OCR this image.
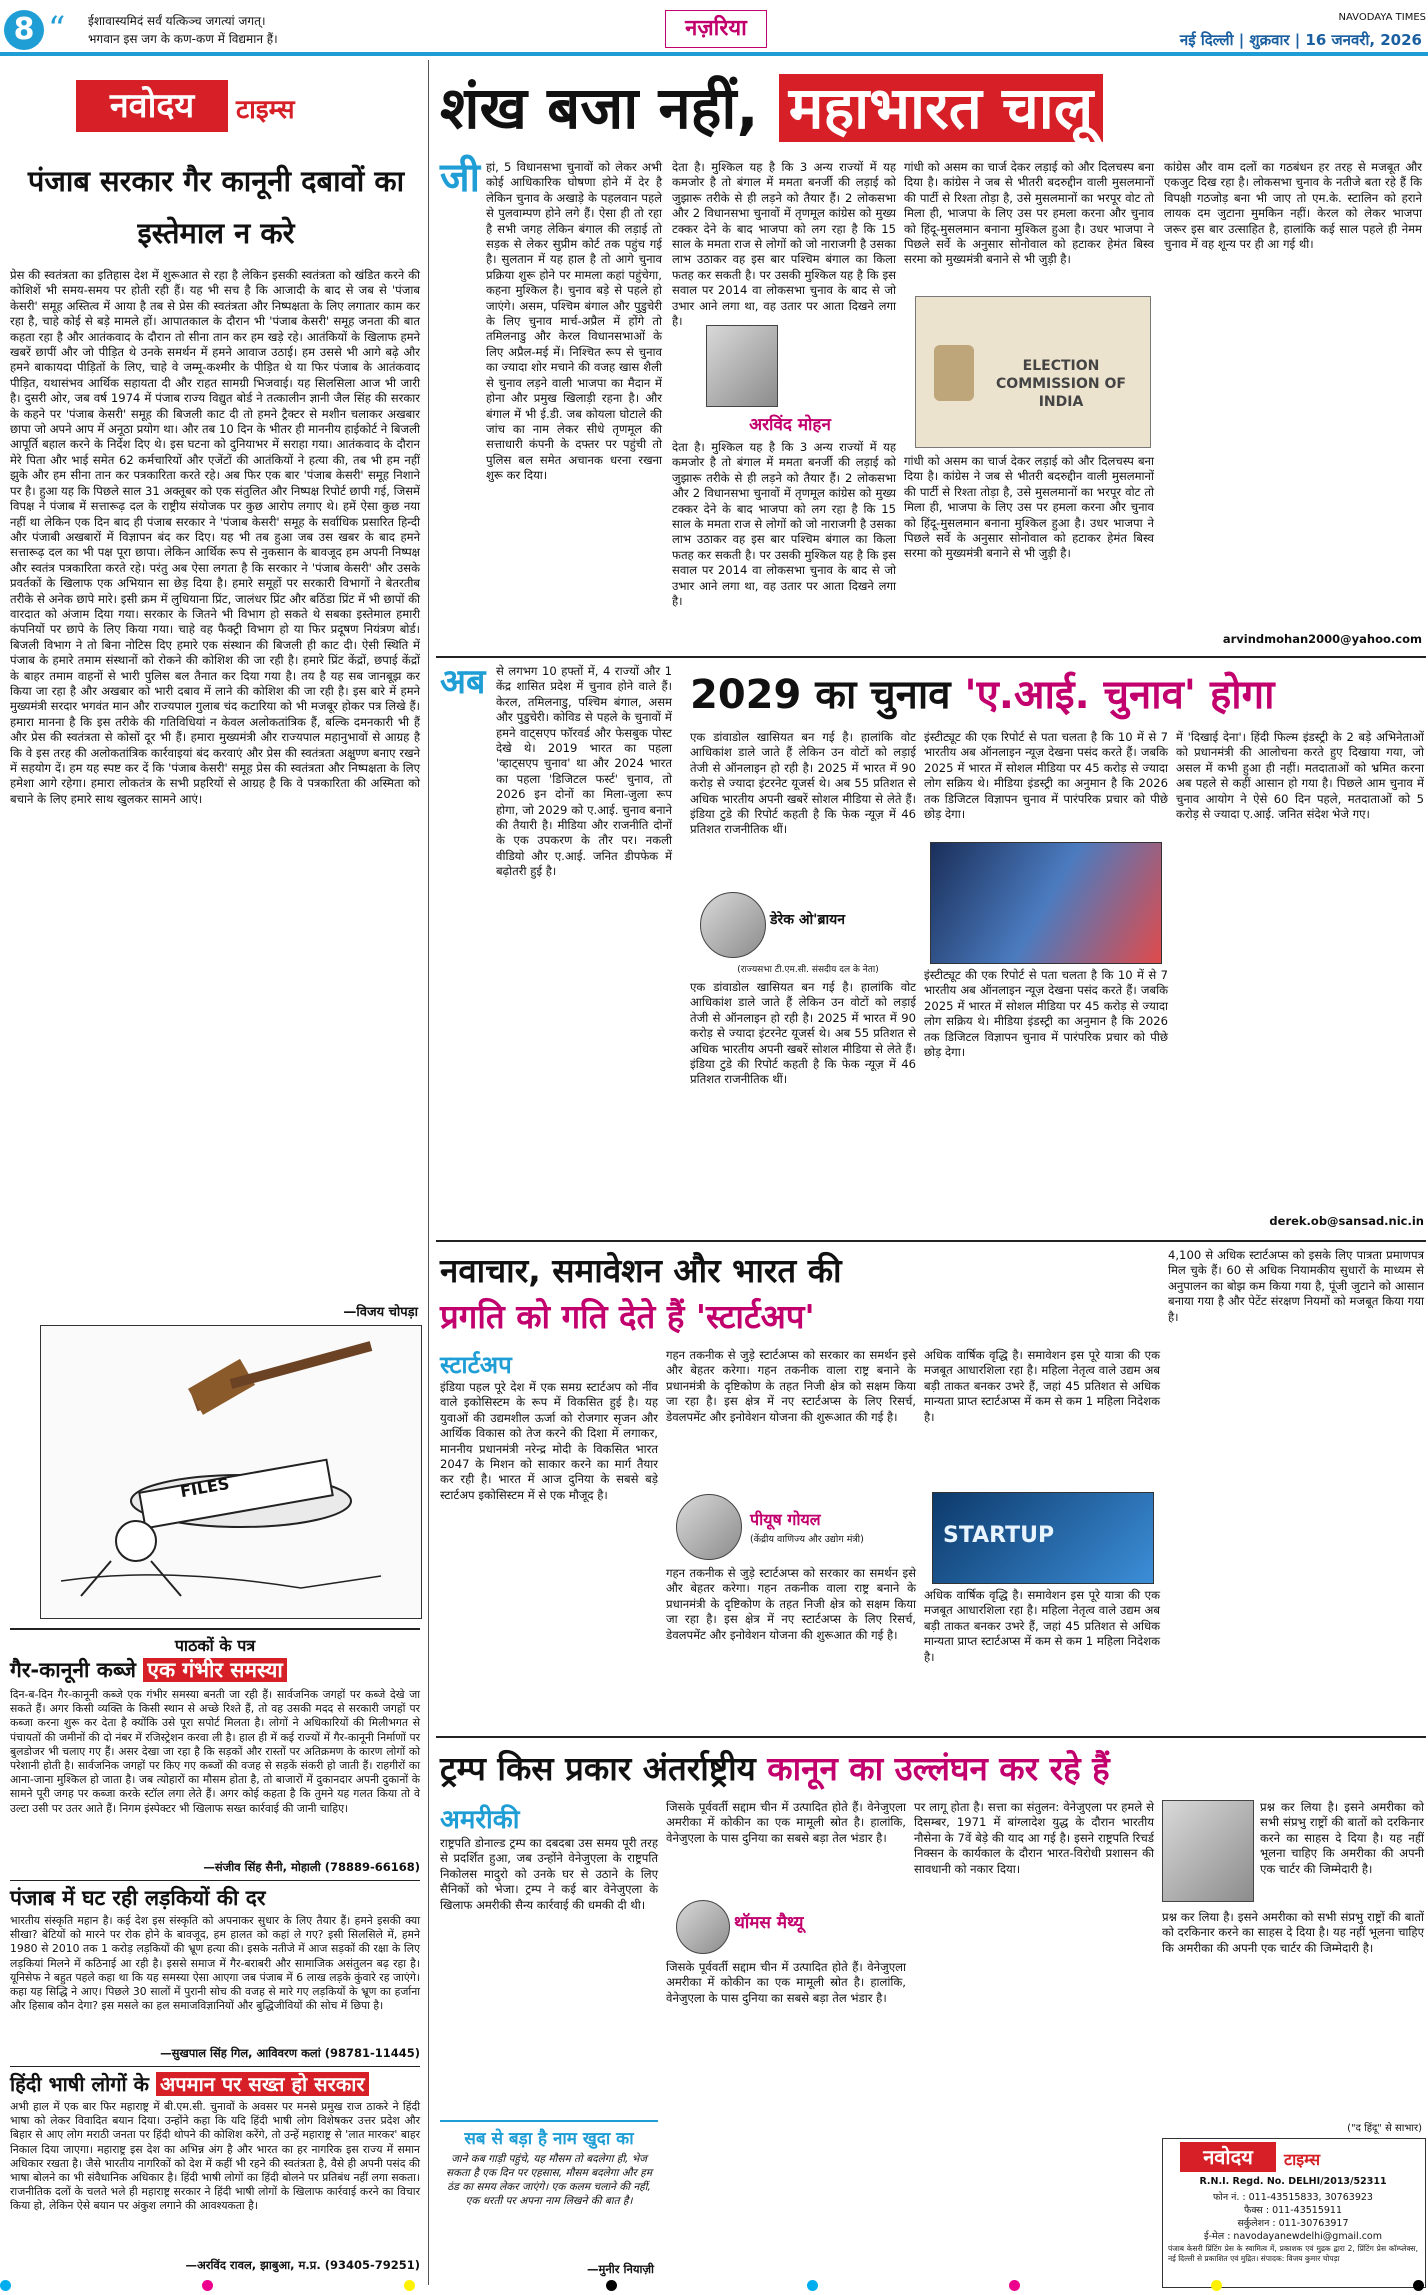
8 “ ईशावास्यमिदं सर्वं यत्किञ्च जगत्यां जगत्।
भगवान इस जग के कण-कण में विद्यमान हैं।	नज़रिया	NAVODAYA TIMES
नई दिल्ली | शुक्रवार | 16 जनवरी, 2026
नवोदय	टाइम्स
पंजाब सरकार गैर कानूनी दबावों का इस्तेमाल न करे
प्रेस की स्वतंत्रता का इतिहास देश में शुरूआत से रहा है लेकिन इसकी स्वतंत्रता को खंडित करने की कोशिशें भी समय-समय पर होती रही हैं। यह भी सच है कि आजादी के बाद से जब से 'पंजाब केसरी' समूह अस्तित्व में आया है तब से प्रेस की स्वतंत्रता और निष्पक्षता के लिए लगातार काम कर रहा है, चाहे कोई से बड़े मामले हों। आपातकाल के दौरान भी 'पंजाब केसरी' समूह जनता की बात कहता रहा है और आतंकवाद के दौरान तो सीना तान कर हम खड़े रहे। आतंकियों के खिलाफ हमने खबरें छापीं और जो पीड़ित थे उनके समर्थन में हमने आवाज उठाई। हम उससे भी आगे बढ़े और हमने बाकायदा पीड़ितों के लिए, चाहे वे जम्मू-कश्मीर के पीड़ित थे या फिर पंजाब के आतंकवाद पीड़ित, यथासंभव आर्थिक सहायता दी और राहत सामग्री भिजवाई। यह सिलसिला आज भी जारी है। दुसरी ओर, जब वर्ष 1974 में पंजाब राज्य विद्युत बोर्ड ने तत्कालीन ज्ञानी जैल सिंह की सरकार के कहने पर 'पंजाब केसरी' समूह की बिजली काट दी तो हमने ट्रैक्टर से मशीन चलाकर अखबार छापा जो अपने आप में अनूठा प्रयोग था। और तब 10 दिन के भीतर ही माननीय हाईकोर्ट ने बिजली आपूर्ति बहाल करने के निर्देश दिए थे। इस घटना को दुनियाभर में सराहा गया। आतंकवाद के दौरान मेरे पिता और भाई समेत 62 कर्मचारियों और एजेंटों की आतंकियों ने हत्या की, तब भी हम नहीं झुके और हम सीना तान कर पत्रकारिता करते रहे। अब फिर एक बार 'पंजाब केसरी' समूह निशाने पर है। हुआ यह कि पिछले साल 31 अक्तूबर को एक संतुलित और निष्पक्ष रिपोर्ट छापी गई, जिसमें विपक्ष ने पंजाब में सत्तारूढ़ दल के राष्ट्रीय संयोजक पर कुछ आरोप लगाए थे। हमें ऐसा कुछ नया नहीं था लेकिन एक दिन बाद ही पंजाब सरकार ने 'पंजाब केसरी' समूह के सर्वाधिक प्रसारित हिन्दी और पंजाबी अखबारों में विज्ञापन बंद कर दिए। यह भी तब हुआ जब उस खबर के बाद हमने सत्तारूढ़ दल का भी पक्ष पूरा छापा। लेकिन आर्थिक रूप से नुकसान के बावजूद हम अपनी निष्पक्ष और स्वतंत्र पत्रकारिता करते रहे। परंतु अब ऐसा लगता है कि सरकार ने 'पंजाब केसरी' और उसके प्रवर्तकों के खिलाफ एक अभियान सा छेड़ दिया है। हमारे समूहों पर सरकारी विभागों ने बेतरतीब तरीके से अनेक छापे मारे। इसी क्रम में लुधियाना प्रिंट, जालंधर प्रिंट और बठिंडा प्रिंट में भी छापों की वारदात को अंजाम दिया गया। सरकार के जितने भी विभाग हो सकते थे सबका इस्तेमाल हमारी कंपनियों पर छापे के लिए किया गया। चाहे वह फैक्ट्री विभाग हो या फिर प्रदूषण नियंत्रण बोर्ड। बिजली विभाग ने तो बिना नोटिस दिए हमारे एक संस्थान की बिजली ही काट दी। ऐसी स्थिति में पंजाब के हमारे तमाम संस्थानों को रोकने की कोशिश की जा रही है। हमारे प्रिंट केंद्रों, छपाई केंद्रों के बाहर तमाम वाहनों से भारी पुलिस बल तैनात कर दिया गया है। तय है यह सब जानबूझ कर किया जा रहा है और अखबार को भारी दबाव में लाने की कोशिश की जा रही है। इस बारे में हमने मुख्यमंत्री सरदार भगवंत मान और राज्यपाल गुलाब चंद कटारिया को भी मजबूर होकर पत्र लिखे हैं। हमारा मानना है कि इस तरीके की गतिविधियां न केवल अलोकतांत्रिक हैं, बल्कि दमनकारी भी हैं और प्रेस की स्वतंत्रता से कोसों दूर भी हैं। हमारा मुख्यमंत्री और राज्यपाल महानुभावों से आग्रह है कि वे इस तरह की अलोकतांत्रिक कार्रवाइयां बंद करवाएं और प्रेस की स्वतंत्रता अक्षुण्ण बनाए रखने में सहयोग दें। हम यह स्पष्ट कर दें कि 'पंजाब केसरी' समूह प्रेस की स्वतंत्रता और निष्पक्षता के लिए हमेशा आगे रहेगा। हमारा लोकतंत्र के सभी प्रहरियों से आग्रह है कि वे पत्रकारिता की अस्मिता को बचाने के लिए हमारे साथ खुलकर सामने आएं।
—विजय चोपड़ा
FILES
पाठकों के पत्र
गैर-कानूनी कब्जे एक गंभीर समस्या
दिन-ब-दिन गैर-कानूनी कब्जे एक गंभीर समस्या बनती जा रही हैं। सार्वजनिक जगहों पर कब्जे देखे जा सकते हैं। अगर किसी व्यक्ति के किसी स्थान से अच्छे रिश्ते हैं, तो वह उसकी मदद से सरकारी जगहों पर कब्जा करना शुरू कर देता है क्योंकि उसे पूरा सपोर्ट मिलता है। लोगों ने अधिकारियों की मिलीभगत से पंचायतों की जमीनों की दो नंबर में रजिस्ट्रेशन करवा ली है। हाल ही में कई राज्यों में गैर-कानूनी निर्माणों पर बुलडोजर भी चलाए गए हैं। असर देखा जा रहा है कि सड़कों और रास्तों पर अतिक्रमण के कारण लोगों को परेशानी होती है। सार्वजनिक जगहों पर किए गए कब्जों की वजह से सड़कें संकरी हो जाती हैं। राहगीरों का आना-जाना मुश्किल हो जाता है। जब त्योहारों का मौसम होता है, तो बाजारों में दुकानदार अपनी दुकानों के सामने पूरी जगह पर कब्जा करके स्टॉल लगा लेते हैं। अगर कोई कहता है कि तुमने यह गलत किया तो वे उल्टा उसी पर उतर आते हैं। निगम इंस्पेक्टर भी खिलाफ सख्त कार्रवाई की जानी चाहिए।
—संजीव सिंह सैनी, मोहाली (78889-66168)
पंजाब में घट रही लड़कियों की दर
भारतीय संस्कृति महान है। कई देश इस संस्कृति को अपनाकर सुधार के लिए तैयार हैं। हमने इसकी क्या सीखा? बेटियों को मारने पर रोक होने के बावजूद, हम हालत को कहां ले गए? इसी सिलसिले में, हमने 1980 से 2010 तक 1 करोड़ लड़कियों की भ्रूण हत्या की। इसके नतीजे में आज सड़कों की रक्षा के लिए लड़कियां मिलने में कठिनाई आ रही है। इससे समाज में गैर-बराबरी और सामाजिक असंतुलन बढ़ रहा है। यूनिसेफ ने बहुत पहले कहा था कि यह समस्या ऐसा आएगा जब पंजाब में 6 लाख लड़के कुंवारे रह जाएंगे। कहा यह सिद्धि ने आए। पिछले 30 सालों में पुरानी सोच की वजह से मारे गए लड़कियों के भ्रूण का हर्जाना और हिसाब कौन देगा? इस मसले का हल समाजविज्ञानियों और बुद्धिजीवियों की सोच में छिपा है।
—सुखपाल सिंह गिल, आविवरण कलां (98781-11445)
हिंदी भाषी लोगों के अपमान पर सख्त हो सरकार
अभी हाल में एक बार फिर महाराष्ट्र में बी.एम.सी. चुनावों के अवसर पर मनसे प्रमुख राज ठाकरे ने हिंदी भाषा को लेकर विवादित बयान दिया। उन्होंने कहा कि यदि हिंदी भाषी लोग विशेषकर उत्तर प्रदेश और बिहार से आए लोग मराठी जनता पर हिंदी थोपने की कोशिश करेंगे, तो उन्हें महाराष्ट्र से 'लात मारकर' बाहर निकाल दिया जाएगा। महाराष्ट्र इस देश का अभिन्न अंग है और भारत का हर नागरिक इस राज्य में समान अधिकार रखता है। जैसे भारतीय नागरिकों को देश में कहीं भी रहने की स्वतंत्रता है, वैसे ही अपनी पसंद की भाषा बोलने का भी संवैधानिक अधिकार है। हिंदी भाषी लोगों का हिंदी बोलने पर प्रतिबंध नहीं लगा सकता। राजनीतिक दलों के चलते भले ही महाराष्ट्र सरकार ने हिंदी भाषी लोगों के खिलाफ कार्रवाई करने का विचार किया हो, लेकिन ऐसे बयान पर अंकुश लगाने की आवश्यकता है।
—अरविंद रावल, झाबुआ, म.प्र. (93405-79251)
शंख बजा नहीं, महाभारत चालू
जी हां, 5 विधानसभा चुनावों को लेकर अभी कोई आधिकारिक घोषणा होने में देर है लेकिन चुनाव के अखाड़े के पहलवान पहले से पुलवाम्पण होने लगे हैं। ऐसा ही तो रहा है सभी जगह लेकिन बंगाल की लड़ाई तो सड़क से लेकर सुप्रीम कोर्ट तक पहुंच गई है। सुलतान में यह हाल है तो आगे चुनाव प्रक्रिया शुरू होने पर मामला कहां पहुंचेगा, कहना मुश्किल है। चुनाव बड़े से पहले हो जाएंगे। असम, पश्चिम बंगाल और पुडुचेरी के लिए चुनाव मार्च-अप्रैल में होंगे तो तमिलनाडु और केरल विधानसभाओं के लिए अप्रैल-मई में। निश्चित रूप से चुनाव का ज्यादा शोर मचाने की वजह खास शैली से चुनाव लड़ने वाली भाजपा का मैदान में होना और प्रमुख खिलाड़ी रहना है। और बंगाल में भी ई.डी. जब कोयला घोटाले की जांच का नाम लेकर सीधे तृणमूल की सत्ताधारी कंपनी के दफ्तर पर पहुंची तो पुलिस बल समेत अचानक धरना रखना शुरू कर दिया।
देता है। मुश्किल यह है कि 3 अन्य राज्यों में यह कमजोर है तो बंगाल में ममता बनर्जी की लड़ाई को जुझारू तरीके से ही लड़ने को तैयार हैं। 2 लोकसभा और 2 विधानसभा चुनावों में तृणमूल कांग्रेस को मुख्य टक्कर देने के बाद भाजपा को लग रहा है कि 15 साल के ममता राज से लोगों को जो नाराजगी है उसका लाभ उठाकर वह इस बार पश्चिम बंगाल का किला फतह कर सकती है। पर उसकी मुश्किल यह है कि इस सवाल पर 2014 वा लोकसभा चुनाव के बाद से जो उभार आने लगा था, वह उतार पर आता दिखने लगा है।
अरविंद मोहन
देता है। मुश्किल यह है कि 3 अन्य राज्यों में यह कमजोर है तो बंगाल में ममता बनर्जी की लड़ाई को जुझारू तरीके से ही लड़ने को तैयार हैं। 2 लोकसभा और 2 विधानसभा चुनावों में तृणमूल कांग्रेस को मुख्य टक्कर देने के बाद भाजपा को लग रहा है कि 15 साल के ममता राज से लोगों को जो नाराजगी है उसका लाभ उठाकर वह इस बार पश्चिम बंगाल का किला फतह कर सकती है। पर उसकी मुश्किल यह है कि इस सवाल पर 2014 वा लोकसभा चुनाव के बाद से जो उभार आने लगा था, वह उतार पर आता दिखने लगा है।
गांधी को असम का चार्ज देकर लड़ाई को और दिलचस्प बना दिया है। कांग्रेस ने जब से भीतरी बदरुद्दीन वाली मुसलमानों की पार्टी से रिश्ता तोड़ा है, उसे मुसलमानों का भरपूर वोट तो मिला ही, भाजपा के लिए उस पर हमला करना और चुनाव को हिंदू-मुसलमान बनाना मुश्किल हुआ है। उधर भाजपा ने पिछले सर्वे के अनुसार सोनोवाल को हटाकर हेमंत बिस्व सरमा को मुख्यमंत्री बनाने से भी जुड़ी है।
ELECTION COMMISSION OF INDIA
गांधी को असम का चार्ज देकर लड़ाई को और दिलचस्प बना दिया है। कांग्रेस ने जब से भीतरी बदरुद्दीन वाली मुसलमानों की पार्टी से रिश्ता तोड़ा है, उसे मुसलमानों का भरपूर वोट तो मिला ही, भाजपा के लिए उस पर हमला करना और चुनाव को हिंदू-मुसलमान बनाना मुश्किल हुआ है। उधर भाजपा ने पिछले सर्वे के अनुसार सोनोवाल को हटाकर हेमंत बिस्व सरमा को मुख्यमंत्री बनाने से भी जुड़ी है।
कांग्रेस और वाम दलों का गठबंधन हर तरह से मजबूत और एकजुट दिख रहा है। लोकसभा चुनाव के नतीजे बता रहे हैं कि विपक्षी गठजोड़ बना भी जाए तो एम.के. स्टालिन को हराने लायक दम जुटाना मुमकिन नहीं। केरल को लेकर भाजपा जरूर इस बार उत्साहित है, हालांकि कई साल पहले ही नेमम चुनाव में वह शून्य पर ही आ गई थी।
arvindmohan2000@yahoo.com
अब से लगभग 10 हफ्तों में, 4 राज्यों और 1 केंद्र शासित प्रदेश में चुनाव होने वाले हैं। केरल, तमिलनाडु, पश्चिम बंगाल, असम और पुडुचेरी। कोविड से पहले के चुनावों में हमने वाट्सएप फॉरवर्ड और फेसबुक पोस्ट देखे थे। 2019 भारत का पहला 'व्हाट्सएप चुनाव' था और 2024 भारत का पहला 'डिजिटल फर्स्ट' चुनाव, तो 2026 इन दोनों का मिला-जुला रूप होगा, जो 2029 को ए.आई. चुनाव बनाने की तैयारी है। मीडिया और राजनीति दोनों के एक उपकरण के तौर पर। नकली वीडियो और ए.आई. जनित डीपफेक में बढ़ोतरी हुई है।
2029 का चुनाव 'ए.आई. चुनाव' होगा
एक डांवाडोल खासियत बन गई है। हालांकि वोट आधिकांश डाले जाते हैं लेकिन उन वोटों को लड़ाई तेजी से ऑनलाइन हो रही है। 2025 में भारत में 90 करोड़ से ज्यादा इंटरनेट यूजर्स थे। अब 55 प्रतिशत से अधिक भारतीय अपनी खबरें सोशल मीडिया से लेते हैं। इंडिया टुडे की रिपोर्ट कहती है कि फेक न्यूज़ में 46 प्रतिशत राजनीतिक थीं।
डेरेक ओ'ब्रायन
(राज्यसभा टी.एम.सी. संसदीय दल के नेता)
एक डांवाडोल खासियत बन गई है। हालांकि वोट आधिकांश डाले जाते हैं लेकिन उन वोटों को लड़ाई तेजी से ऑनलाइन हो रही है। 2025 में भारत में 90 करोड़ से ज्यादा इंटरनेट यूजर्स थे। अब 55 प्रतिशत से अधिक भारतीय अपनी खबरें सोशल मीडिया से लेते हैं। इंडिया टुडे की रिपोर्ट कहती है कि फेक न्यूज़ में 46 प्रतिशत राजनीतिक थीं।
इंस्टीट्यूट की एक रिपोर्ट से पता चलता है कि 10 में से 7 भारतीय अब ऑनलाइन न्यूज़ देखना पसंद करते हैं। जबकि 2025 में भारत में सोशल मीडिया पर 45 करोड़ से ज्यादा लोग सक्रिय थे। मीडिया इंडस्ट्री का अनुमान है कि 2026 तक डिजिटल विज्ञापन चुनाव में पारंपरिक प्रचार को पीछे छोड़ देगा।
इंस्टीट्यूट की एक रिपोर्ट से पता चलता है कि 10 में से 7 भारतीय अब ऑनलाइन न्यूज़ देखना पसंद करते हैं। जबकि 2025 में भारत में सोशल मीडिया पर 45 करोड़ से ज्यादा लोग सक्रिय थे। मीडिया इंडस्ट्री का अनुमान है कि 2026 तक डिजिटल विज्ञापन चुनाव में पारंपरिक प्रचार को पीछे छोड़ देगा।
में 'दिखाई देना'। हिंदी फिल्म इंडस्ट्री के 2 बड़े अभिनेताओं को प्रधानमंत्री की आलोचना करते हुए दिखाया गया, जो असल में कभी हुआ ही नहीं। मतदाताओं को भ्रमित करना अब पहले से कहीं आसान हो गया है। पिछले आम चुनाव में चुनाव आयोग ने ऐसे 60 दिन पहले, मतदाताओं को 5 करोड़ से ज्यादा ए.आई. जनित संदेश भेजे गए।
derek.ob@sansad.nic.in
नवाचार, समावेशन और भारत की
प्रगति को गति देते हैं 'स्टार्टअप'
स्टार्टअप
इंडिया पहल पूरे देश में एक समग्र स्टार्टअप को नींव वाले इकोसिस्टम के रूप में विकसित हुई है। यह युवाओं की उद्यमशील ऊर्जा को रोजगार सृजन और आर्थिक विकास को तेज करने की दिशा में लगाकर, माननीय प्रधानमंत्री नरेन्द्र मोदी के विकसित भारत 2047 के मिशन को साकार करने का मार्ग तैयार कर रही है। भारत में आज दुनिया के सबसे बड़े स्टार्टअप इकोसिस्टम में से एक मौजूद है।
गहन तकनीक से जुड़े स्टार्टअप्स को सरकार का समर्थन इसे और बेहतर करेगा। गहन तकनीक वाला राष्ट्र बनाने के प्रधानमंत्री के दृष्टिकोण के तहत निजी क्षेत्र को सक्षम किया जा रहा है। इस क्षेत्र में नए स्टार्टअप्स के लिए रिसर्च, डेवलपमेंट और इनोवेशन योजना की शुरूआत की गई है।
पीयूष गोयल
(केंद्रीय वाणिज्य और उद्योग मंत्री)
गहन तकनीक से जुड़े स्टार्टअप्स को सरकार का समर्थन इसे और बेहतर करेगा। गहन तकनीक वाला राष्ट्र बनाने के प्रधानमंत्री के दृष्टिकोण के तहत निजी क्षेत्र को सक्षम किया जा रहा है। इस क्षेत्र में नए स्टार्टअप्स के लिए रिसर्च, डेवलपमेंट और इनोवेशन योजना की शुरूआत की गई है।
अधिक वार्षिक वृद्धि है। समावेशन इस पूरे यात्रा की एक मजबूत आधारशिला रहा है। महिला नेतृत्व वाले उद्यम अब बड़ी ताकत बनकर उभरे हैं, जहां 45 प्रतिशत से अधिक मान्यता प्राप्त स्टार्टअप्स में कम से कम 1 महिला निदेशक है।
STARTUP
अधिक वार्षिक वृद्धि है। समावेशन इस पूरे यात्रा की एक मजबूत आधारशिला रहा है। महिला नेतृत्व वाले उद्यम अब बड़ी ताकत बनकर उभरे हैं, जहां 45 प्रतिशत से अधिक मान्यता प्राप्त स्टार्टअप्स में कम से कम 1 महिला निदेशक है।
4,100 से अधिक स्टार्टअप्स को इसके लिए पात्रता प्रमाणपत्र मिल चुके हैं। 60 से अधिक नियामकीय सुधारों के माध्यम से अनुपालन का बोझ कम किया गया है, पूंजी जुटाने को आसान बनाया गया है और पेटेंट संरक्षण नियमों को मजबूत किया गया है।
ट्रम्प किस प्रकार अंतर्राष्ट्रीय कानून का उल्लंघन कर रहे हैं
अमरीकी
राष्ट्रपति डोनाल्ड ट्रम्प का दबदबा उस समय पूरी तरह से प्रदर्शित हुआ, जब उन्होंने वेनेजुएला के राष्ट्रपति निकोलस मादुरो को उनके घर से उठाने के लिए सैनिकों को भेजा। ट्रम्प ने कई बार वेनेजुएला के खिलाफ अमरीकी सैन्य कार्रवाई की धमकी दी थी।
जिसके पूर्ववर्ती सद्दाम चीन में उत्पादित होते हैं। वेनेजुएला अमरीका में कोकीन का एक मामूली स्रोत है। हालांकि, वेनेजुएला के पास दुनिया का सबसे बड़ा तेल भंडार है।
थॉमस मैथ्यू
जिसके पूर्ववर्ती सद्दाम चीन में उत्पादित होते हैं। वेनेजुएला अमरीका में कोकीन का एक मामूली स्रोत है। हालांकि, वेनेजुएला के पास दुनिया का सबसे बड़ा तेल भंडार है।
पर लागू होता है। सत्ता का संतुलन: वेनेजुएला पर हमले से दिसम्बर, 1971 में बांग्लादेश युद्ध के दौरान भारतीय नौसेना के 7वें बेड़े की याद आ गई है। इसने राष्ट्रपति रिचर्ड निक्सन के कार्यकाल के दौरान भारत-विरोधी प्रशासन की सावधानी को नकार दिया।
प्रश्न कर लिया है। इसने अमरीका को सभी संप्रभु राष्ट्रों की बातों को दरकिनार करने का साहस दे दिया है। यह नहीं भूलना चाहिए कि अमरीका की अपनी एक चार्टर की जिम्मेदारी है।
प्रश्न कर लिया है। इसने अमरीका को सभी संप्रभु राष्ट्रों की बातों को दरकिनार करने का साहस दे दिया है। यह नहीं भूलना चाहिए कि अमरीका की अपनी एक चार्टर की जिम्मेदारी है।
("द हिंदू" से साभार)
सब से बड़ा है नाम खुदा का
जाने कब गाड़ी पहुंचे, यह मौसम तो बदलेगा ही, भेज सकता है एक दिन पर एहसास, मौसम बदलेगा और हम ठंड का समय लेकर जाएंगे। एक कलम चलाने की नहीं, एक धरती पर अपना नाम लिखने की बात है।
—मुनीर नियाज़ी
नवोदय	टाइम्स
R.N.I. Regd. No. DELHI/2013/52311
फोन नं. : 011-43515833, 30763923
फैक्स : 011-43515911
सर्कुलेशन : 011-30763917
ई-मेल : navodayanewdelhi@gmail.com
पंजाब केसरी प्रिंटिंग प्रेस के स्वामित्व में, प्रकाशक एवं मुद्रक द्वारा 2, प्रिंटिंग प्रेस कॉम्प्लेक्स, नई दिल्ली से प्रकाशित एवं मुद्रित। संपादक: विजय कुमार चोपड़ा
